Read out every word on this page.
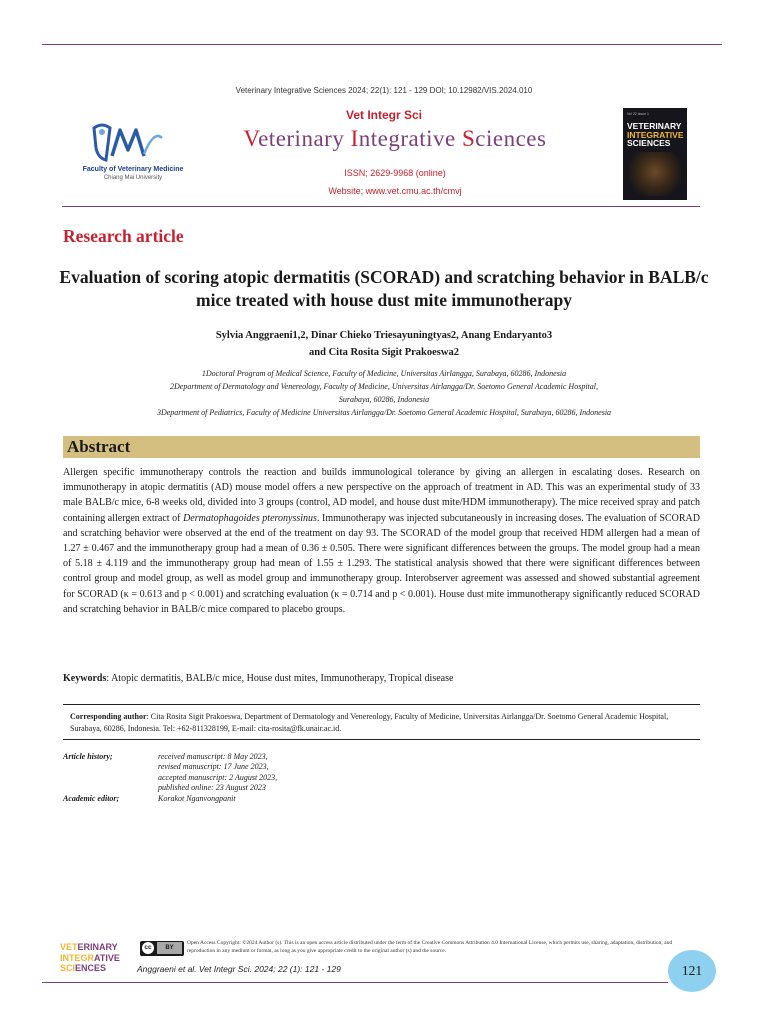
Veterinary Integrative Sciences 2024; 22(1): 121 - 129 DOI; 10.12982/VIS.2024.010
Faculty of Veterinary Medicine
Chiang Mai University
Vet Integr Sci
Veterinary Integrative Sciences
ISSN; 2629-9968 (online)
Website; www.vet.cmu.ac.th/cmvj
Vol 22 Issue 1
VETERINARY
INTEGRATIVE
SCIENCES
Research article
Evaluation of scoring atopic dermatitis (SCORAD) and scratching behavior in BALB/c mice treated with house dust mite immunotherapy
Sylvia Anggraeni1,2, Dinar Chieko Triesayuningtyas2, Anang Endaryanto3
and Cita Rosita Sigit Prakoeswa2
1Doctoral Program of Medical Science, Faculty of Medicine, Universitas Airlangga, Surabaya, 60286, Indonesia
2Department of Dermatology and Venereology, Faculty of Medicine, Universitas Airlangga/Dr. Soetomo General Academic Hospital,
Surabaya, 60286, Indonesia
3Department of Pediatrics, Faculty of Medicine Universitas Airlangga/Dr. Soetomo General Academic Hospital, Surabaya, 60286, Indonesia
Abstract
Allergen specific immunotherapy controls the reaction and builds immunological tolerance by giving an allergen in escalating doses. Research on immunotherapy in atopic dermatitis (AD) mouse model offers a new perspective on the approach of treatment in AD. This was an experimental study of 33 male BALB/c mice, 6-8 weeks old, divided into 3 groups (control, AD model, and house dust mite/HDM immunotherapy). The mice received spray and patch containing allergen extract of Dermatophagoides pteronyssinus. Immunotherapy was injected subcutaneously in increasing doses. The evaluation of SCORAD and scratching behavior were observed at the end of the treatment on day 93. The SCORAD of the model group that received HDM allergen had a mean of 1.27 ± 0.467 and the immunotherapy group had a mean of 0.36 ± 0.505. There were significant differences between the groups. The model group had a mean of 5.18 ± 4.119 and the immunotherapy group had mean of 1.55 ± 1.293. The statistical analysis showed that there were significant differences between control group and model group, as well as model group and immunotherapy group. Interobserver agreement was assessed and showed substantial agreement for SCORAD (κ = 0.613 and p < 0.001) and scratching evaluation (κ = 0.714 and p < 0.001). House dust mite immunotherapy significantly reduced SCORAD and scratching behavior in BALB/c mice compared to placebo groups.
Keywords: Atopic dermatitis, BALB/c mice, House dust mites, Immunotherapy, Tropical disease
Corresponding author: Cita Rosita Sigit Prakoeswa, Department of Dermatology and Venereology, Faculty of Medicine, Universitas Airlangga/Dr. Soetomo General Academic Hospital, Surabaya, 60286, Indonesia. Tel: +62-811328199, E-mail: cita-rosita@fk.unair.ac.id.
Article history;	received manuscript: 8 May 2023,
revised manuscript: 17 June 2023,
accepted manuscript: 2 August 2023,
published online: 23 August 2023
Academic editor;	Korakot Nganvongpanit
VETERINARY
INTEGRATIVE
SCIENCES
cc	BY
Open Access Copyright: ©2024 Author (s). This is an open access article distributed under the term of the Creative Commons Attribution 4.0 International License, which permits use, sharing, adaptation, distribution, and reproduction in any medium or format, as long as you give appropriate credit to the original author (s) and the source.
Anggraeni et al. Vet Integr Sci. 2024; 22 (1): 121 - 129	121
